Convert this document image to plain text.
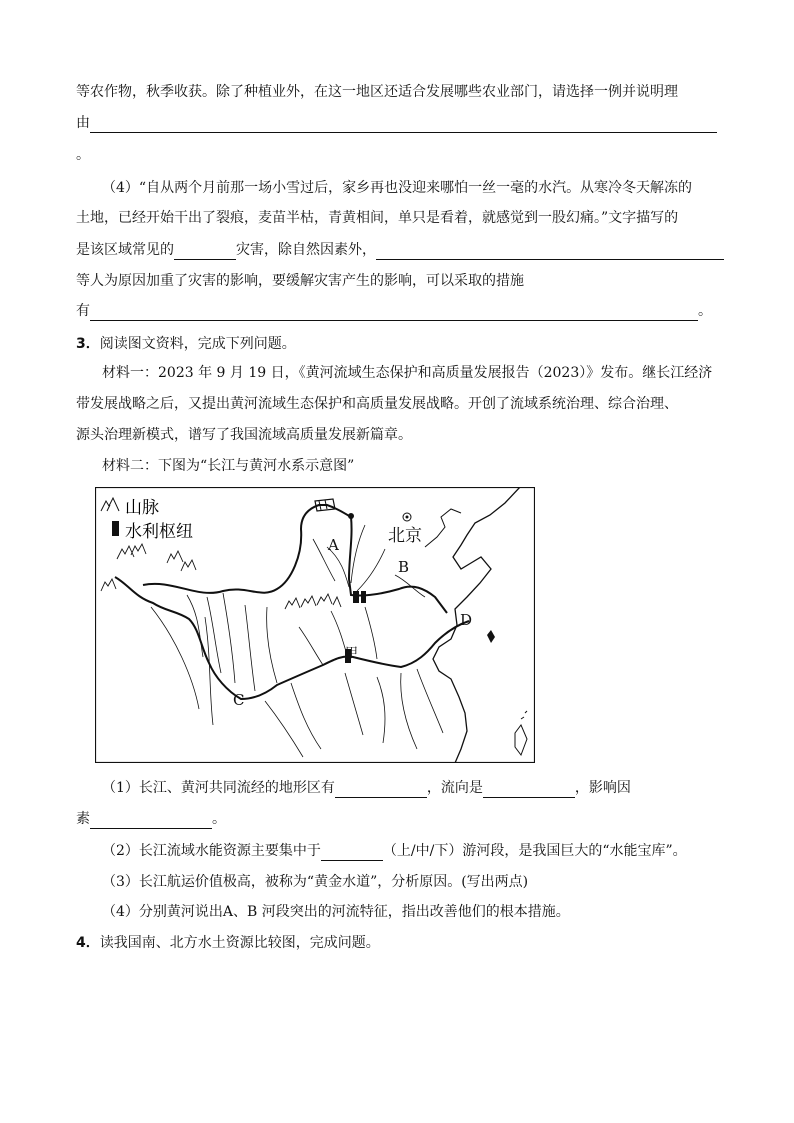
等农作物，秋季收获。除了种植业外，在这一地区还适合发展哪些农业部门，请选择一例并说明理
由
。
（4）“自从两个月前那一场小雪过后，家乡再也没迎来哪怕一丝一毫的水汽。从寒冷冬天解冻的
土地，已经开始干出了裂痕，麦苗半枯，青黄相间，单只是看着，就感觉到一股幻痛。”文字描写的
是该区域常见的	灾害，除自然因素外，
等人为原因加重了灾害的影响，要缓解灾害产生的影响，可以采取的措施
有	。
3．阅读图文资料，完成下列问题。
材料一：2023 年 9 月 19 日，《黄河流域生态保护和高质量发展报告（2023）》发布。继长江经济
带发展战略之后，又提出黄河流域生态保护和高质量发展战略。开创了流域系统治理、综合治理、
源头治理新模式，谱写了我国流域高质量发展新篇章。
材料二：下图为“长江与黄河水系示意图”
山脉
水利枢纽	北京
A
B
D
C
甲
（1）长江、黄河共同流经的地形区有	，流向是	，影响因
素	。
（2）长江流域水能资源主要集中于	（上/中/下）游河段，是我国巨大的“水能宝库”。
（3）长江航运价值极高，被称为“黄金水道”，分析原因。(写出两点)
（4）分别黄河说出A、B 河段突出的河流特征，指出改善他们的根本措施。
4．读我国南、北方水土资源比较图，完成问题。
